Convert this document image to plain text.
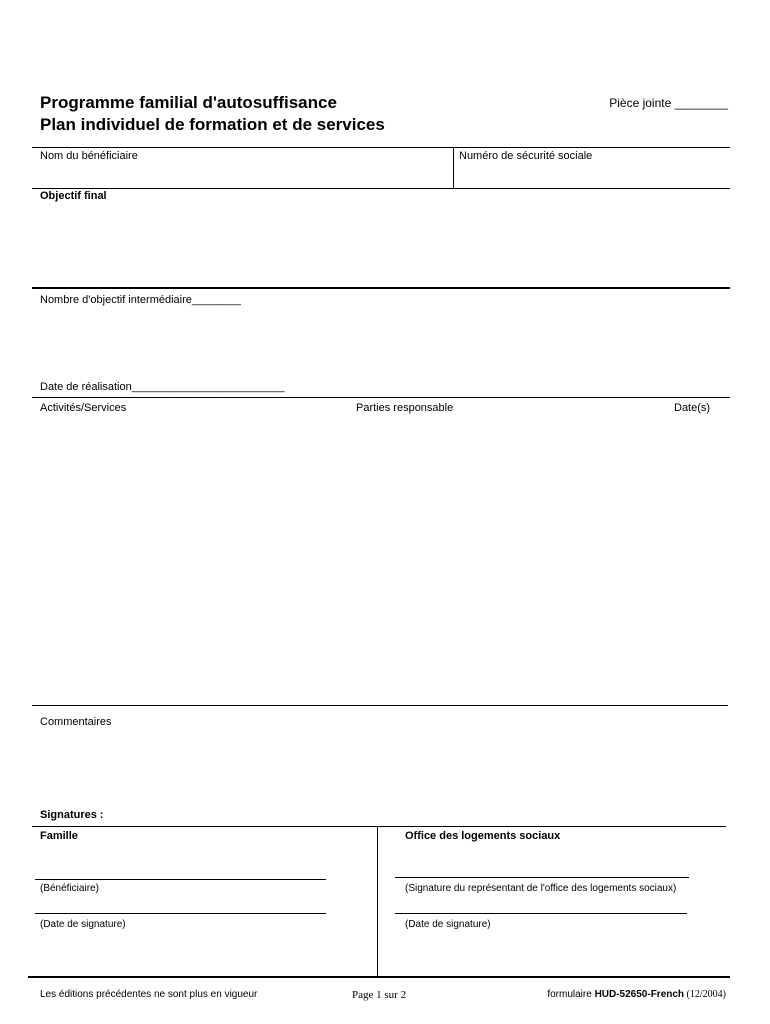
Programme familial d'autosuffisance
Plan individuel de formation et de services
Pièce jointe ________
Nom du bénéficiaire	Numéro de sécurité sociale
Objectif final
Nombre d'objectif intermédiaire________
Date de réalisation_________________________
Activités/Services	Parties responsable	Date(s)
Commentaires
Signatures :
Famille	Office des logements sociaux
(Bénéficiaire)	(Signature du représentant de l'office des logements sociaux)
(Date de signature)	(Date de signature)
Les éditions précédentes ne sont plus en vigueur	Page 1 sur 2	formulaire HUD-52650-French (12/2004)
